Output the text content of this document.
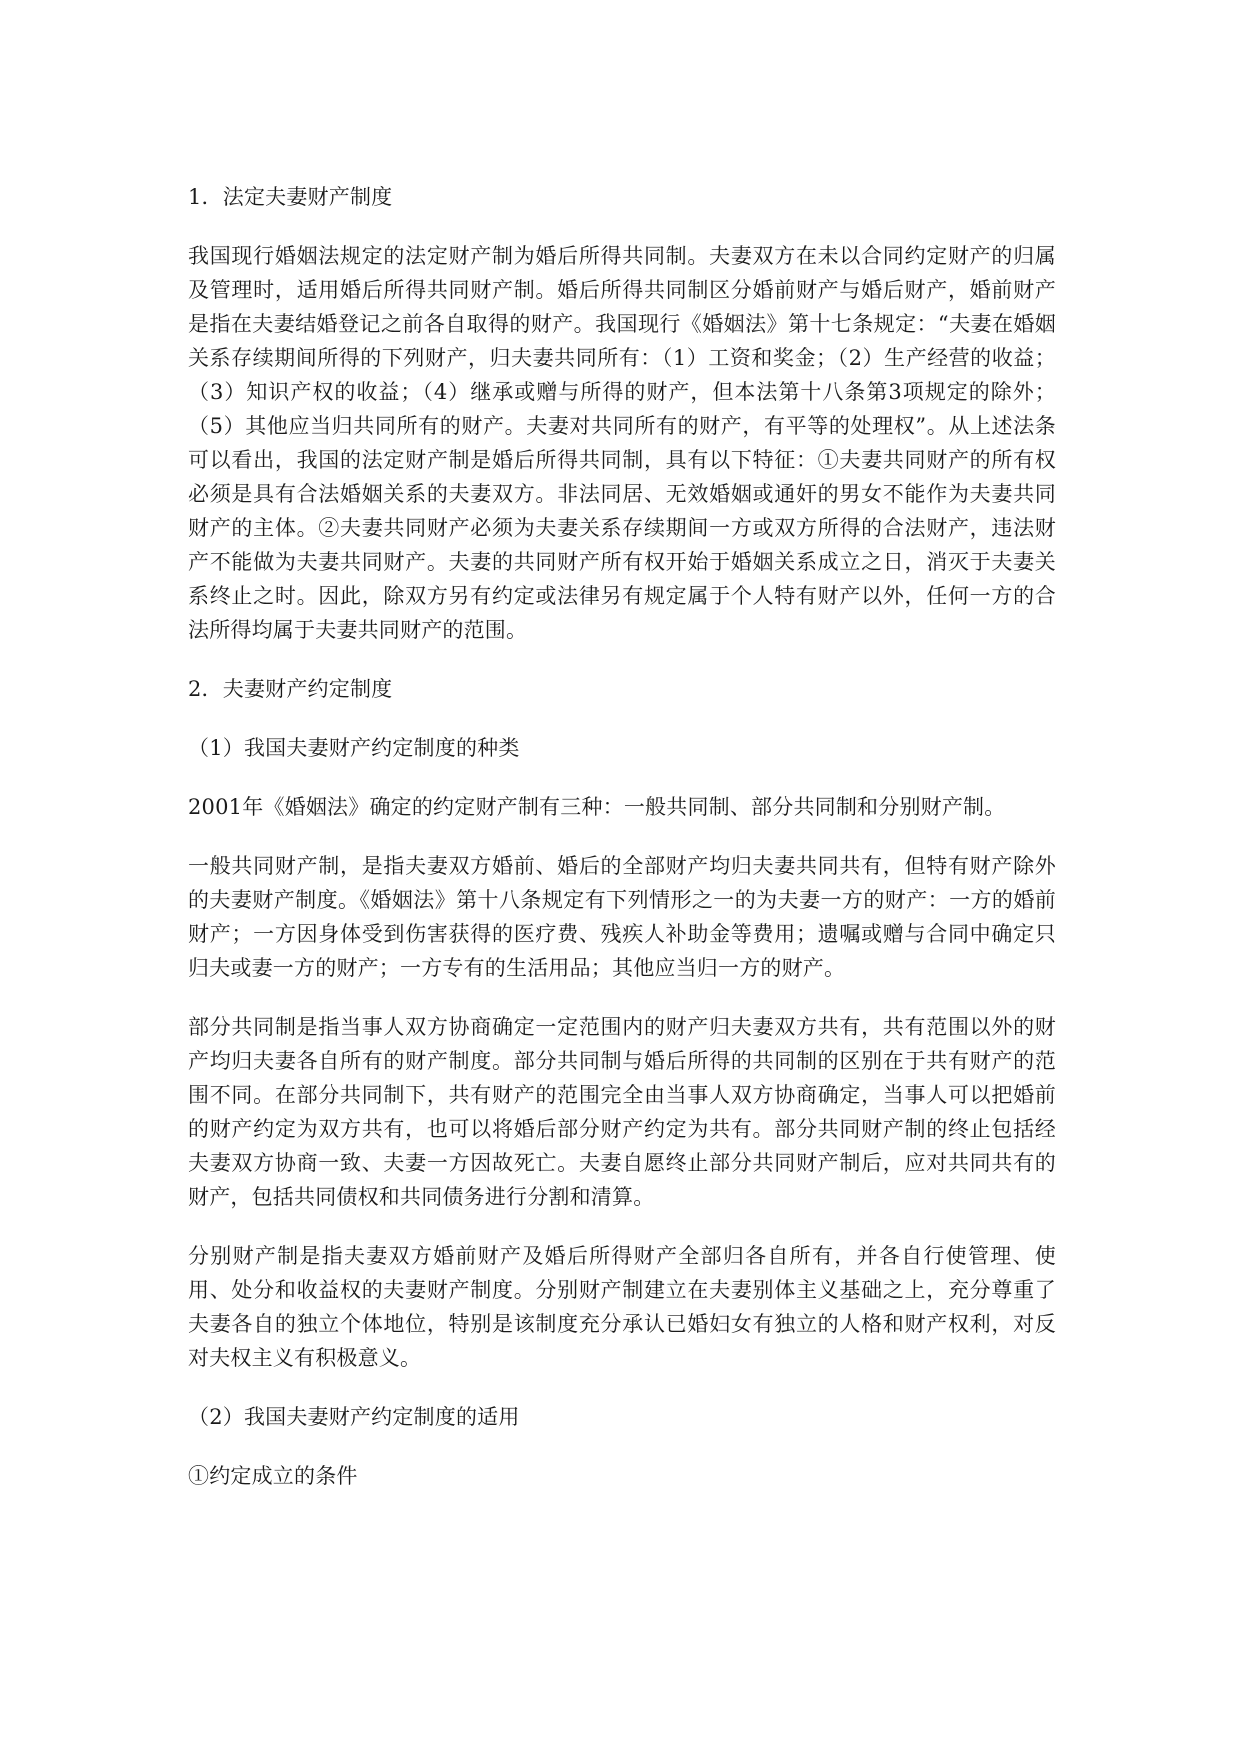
1．法定夫妻财产制度
我国现行婚姻法规定的法定财产制为婚后所得共同制。夫妻双方在未以合同约定财产的归属及管理时，适用婚后所得共同财产制。婚后所得共同制区分婚前财产与婚后财产，婚前财产是指在夫妻结婚登记之前各自取得的财产。我国现行《婚姻法》第十七条规定：“夫妻在婚姻关系存续期间所得的下列财产，归夫妻共同所有：（1）工资和奖金；（2）生产经营的收益；（3）知识产权的收益；（4）继承或赠与所得的财产，但本法第十八条第3项规定的除外；（5）其他应当归共同所有的财产。夫妻对共同所有的财产，有平等的处理权”。从上述法条可以看出，我国的法定财产制是婚后所得共同制，具有以下特征：①夫妻共同财产的所有权必须是具有合法婚姻关系的夫妻双方。非法同居、无效婚姻或通奸的男女不能作为夫妻共同财产的主体。②夫妻共同财产必须为夫妻关系存续期间一方或双方所得的合法财产，违法财产不能做为夫妻共同财产。夫妻的共同财产所有权开始于婚姻关系成立之日，消灭于夫妻关系终止之时。因此，除双方另有约定或法律另有规定属于个人特有财产以外，任何一方的合法所得均属于夫妻共同财产的范围。
2．夫妻财产约定制度
（1）我国夫妻财产约定制度的种类
2001年《婚姻法》确定的约定财产制有三种：一般共同制、部分共同制和分别财产制。
一般共同财产制，是指夫妻双方婚前、婚后的全部财产均归夫妻共同共有，但特有财产除外的夫妻财产制度。《婚姻法》第十八条规定有下列情形之一的为夫妻一方的财产：一方的婚前财产；一方因身体受到伤害获得的医疗费、残疾人补助金等费用；遗嘱或赠与合同中确定只归夫或妻一方的财产；一方专有的生活用品；其他应当归一方的财产。
部分共同制是指当事人双方协商确定一定范围内的财产归夫妻双方共有，共有范围以外的财产均归夫妻各自所有的财产制度。部分共同制与婚后所得的共同制的区别在于共有财产的范围不同。在部分共同制下，共有财产的范围完全由当事人双方协商确定，当事人可以把婚前的财产约定为双方共有，也可以将婚后部分财产约定为共有。部分共同财产制的终止包括经夫妻双方协商一致、夫妻一方因故死亡。夫妻自愿终止部分共同财产制后，应对共同共有的财产，包括共同债权和共同债务进行分割和清算。
分别财产制是指夫妻双方婚前财产及婚后所得财产全部归各自所有，并各自行使管理、使用、处分和收益权的夫妻财产制度。分别财产制建立在夫妻别体主义基础之上，充分尊重了夫妻各自的独立个体地位，特别是该制度充分承认已婚妇女有独立的人格和财产权利，对反对夫权主义有积极意义。
（2）我国夫妻财产约定制度的适用
①约定成立的条件
